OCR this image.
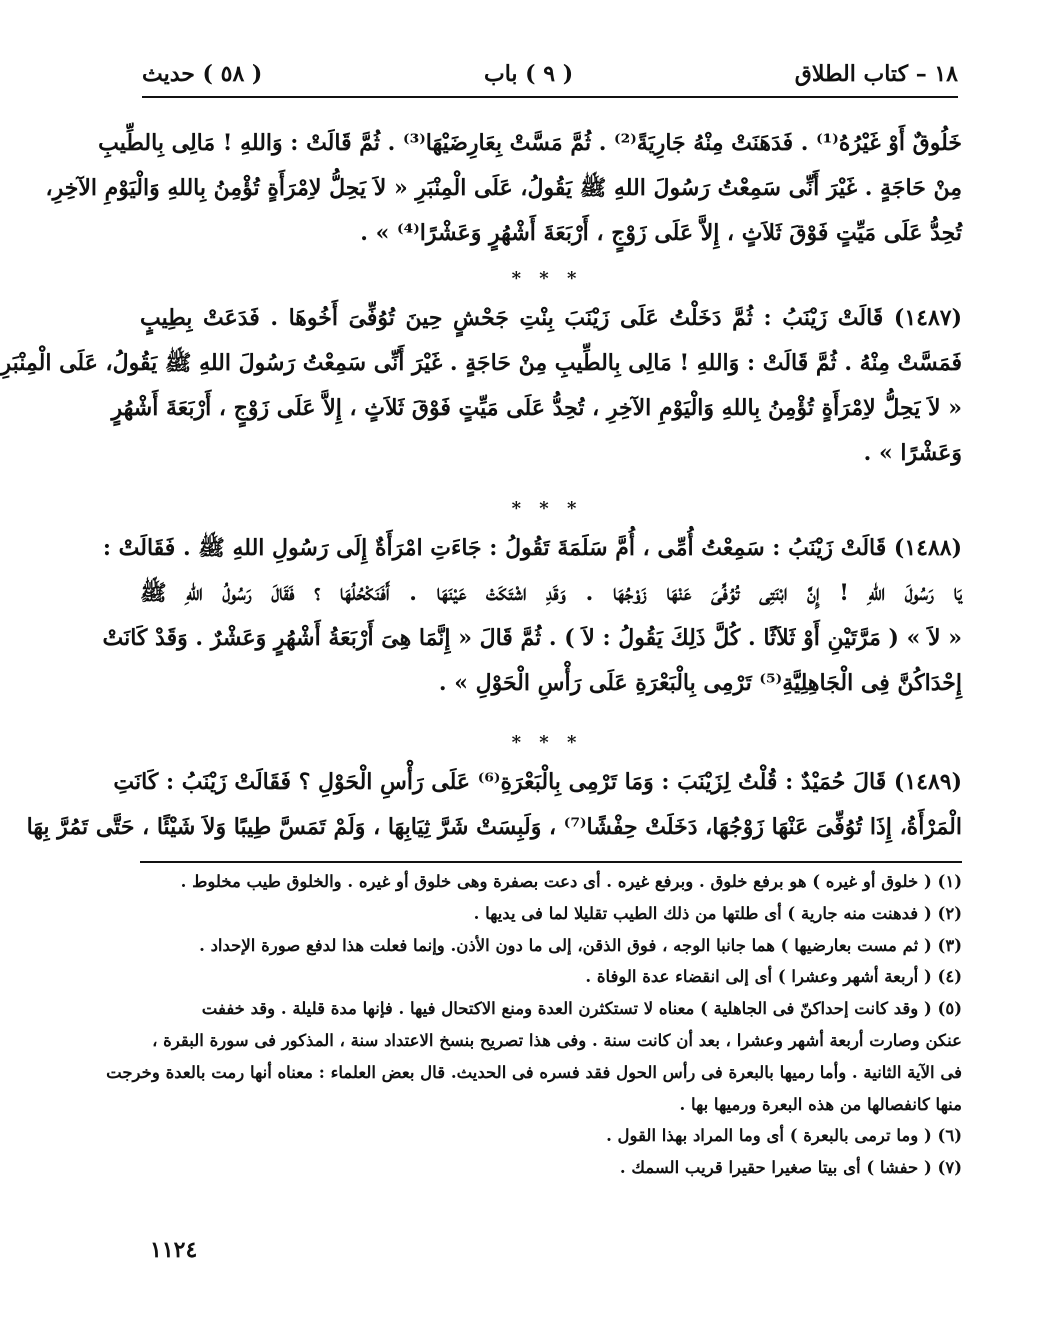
١٨ – كتاب الطلاق
( ٩ ) باب
( ٥٨ ) حديث
خَلُوقٌ أَوْ غَيْرُهُ⁽¹⁾ . فَدَهَنَتْ مِنْهُ جَارِيَةً⁽²⁾ . ثُمَّ مَسَّتْ بِعَارِضَيْهَا⁽³⁾ . ثُمَّ قَالَتْ : وَاللهِ ! مَالِى بِالطِّيبِ
مِنْ حَاجَةٍ . غَيْرَ أَنِّى سَمِعْتُ رَسُولَ اللهِ ﷺ يَقُولُ، عَلَى الْمِنْبَرِ « لاَ يَحِلُّ لاِمْرَأَةٍ تُؤْمِنُ بِاللهِ وَالْيَوْمِ الآخِرِ،
تُحِدُّ عَلَى مَيِّتٍ فَوْقَ ثَلاَثٍ ، إِلاَّ عَلَى زَوْجٍ ، أَرْبَعَةَ أَشْهُرٍ وَعَشْرًا⁽⁴⁾ » .
* * *
(١٤٨٧) قَالَتْ زَيْنَبُ : ثُمَّ دَخَلْتُ عَلَى زَيْنَبَ بِنْتِ جَحْشٍ حِينَ تُوُفِّىَ أَخُوهَا . فَدَعَتْ بِطِيبٍ
فَمَسَّتْ مِنْهُ . ثُمَّ قَالَتْ : وَاللهِ ! مَالِى بِالطِّيبِ مِنْ حَاجَةٍ . غَيْرَ أَنِّى سَمِعْتُ رَسُولَ اللهِ ﷺ يَقُولُ، عَلَى الْمِنْبَرِ
« لاَ يَحِلُّ لاِمْرَأَةٍ تُؤْمِنُ بِاللهِ وَالْيَوْمِ الآخِرِ ، تُحِدُّ عَلَى مَيِّتٍ فَوْقَ ثَلاَثٍ ، إِلاَّ عَلَى زَوْجٍ ، أَرْبَعَةَ أَشْهُرٍ
وَعَشْرًا » .
* * *
(١٤٨٨) قَالَتْ زَيْنَبُ : سَمِعْتُ أُمِّى ، أُمَّ سَلَمَةَ تَقُولُ : جَاءَتِ امْرَأَةٌ إِلَى رَسُولِ اللهِ ﷺ . فَقَالَتْ :
يَا رَسُولَ اللهِ ! إِنَّ ابْنَتِى تُوُفِّىَ عَنْهَا زَوْجُهَا . وَقَدِ اشْتَكَتْ عَيْنَهَا . أَفَنَكْحُلُهَا ؟ فَقَالَ رَسُولُ اللهِ ﷺ
« لاَ » ( مَرَّتَيْنِ أَوْ ثَلاَثًا . كُلَّ ذَلِكَ يَقُولُ : لاَ ) . ثُمَّ قَالَ « إِنَّمَا هِىَ أَرْبَعَةُ أَشْهُرٍ وَعَشْرٌ . وَقَدْ كَانَتْ
إِحْدَاكُنَّ فِى الْجَاهِلِيَّةِ⁽⁵⁾ تَرْمِى بِالْبَعْرَةِ عَلَى رَأْسِ الْحَوْلِ » .
* * *
(١٤٨٩) قَالَ حُمَيْدٌ : قُلْتُ لِزَيْنَبَ : وَمَا تَرْمِى بِالْبَعْرَةِ⁽⁶⁾ عَلَى رَأْسِ الْحَوْلِ ؟ فَقَالَتْ زَيْنَبُ : كَانَتِ
الْمَرْأَةُ، إِذَا تُوُفِّىَ عَنْهَا زَوْجُهَا، دَخَلَتْ حِفْشًا⁽⁷⁾ ، وَلَبِسَتْ شَرَّ ثِيَابِهَا ، وَلَمْ تَمَسَّ طِيبًا وَلاَ شَيْئًا ، حَتَّى تَمُرَّ بِهَا
(١) ( خلوق أو غيره ) هو برفع خلوق . وبرفع غيره . أى دعت بصفرة وهى خلوق أو غيره . والخلوق طيب مخلوط .
(٢) ( فدهنت منه جارية ) أى طلتها من ذلك الطيب تقليلا لما فى يديها .
(٣) ( ثم مست بعارضيها ) هما جانبا الوجه ، فوق الذقن، إلى ما دون الأذن. وإنما فعلت هذا لدفع صورة الإحداد .
(٤) ( أربعة أشهر وعشرا ) أى إلى انقضاء عدة الوفاة .
(٥) ( وقد كانت إحداكنّ فى الجاهلية ) معناه لا تستكثرن العدة ومنع الاكتحال فيها . فإنها مدة قليلة . وقد خففت
عنكن وصارت أربعة أشهر وعشرا ، بعد أن كانت سنة . وفى هذا تصريح بنسخ الاعتداد سنة ، المذكور فى سورة البقرة ،
فى الآية الثانية . وأما رميها بالبعرة فى رأس الحول فقد فسره فى الحديث. قال بعض العلماء : معناه أنها رمت بالعدة وخرجت
منها كانفصالها من هذه البعرة ورميها بها .
(٦) ( وما ترمى بالبعرة ) أى وما المراد بهذا القول .
(٧) ( حفشا ) أى بيتا صغيرا حقيرا قريب السمك .
١١٢٤
